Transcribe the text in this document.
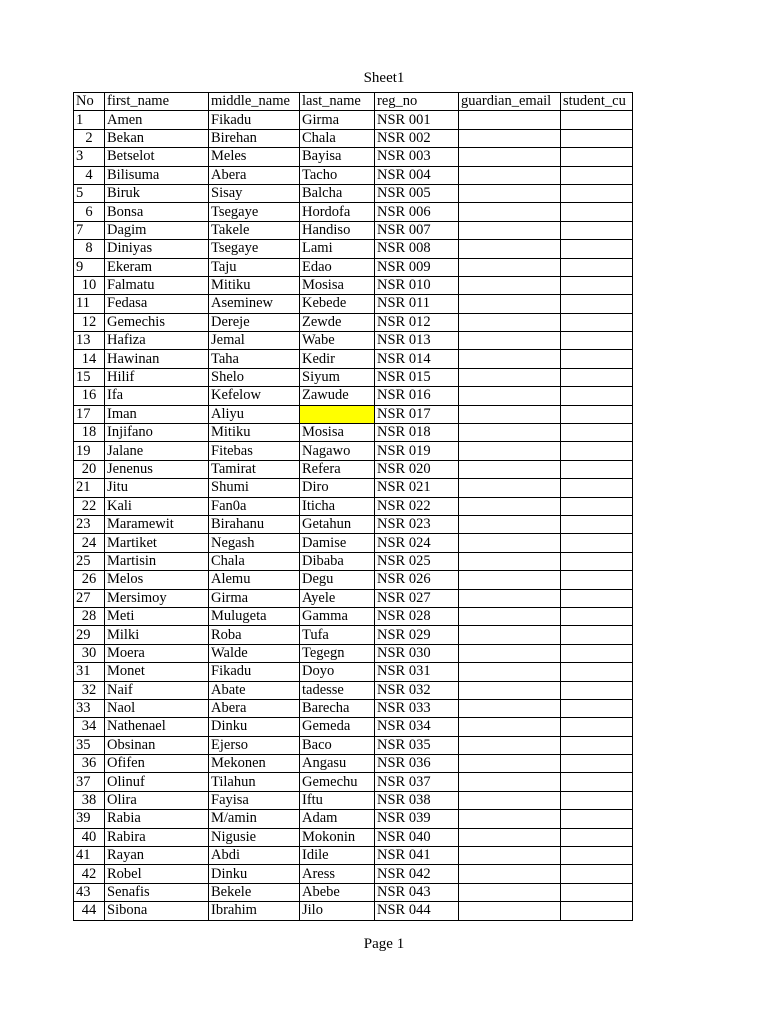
Sheet1
No	first_name	middle_name	last_name	reg_no	guardian_email	student_cu
1	Amen	Fikadu	Girma	NSR 001		
2	Bekan	Birehan	Chala	NSR 002		
3	Betselot	Meles	Bayisa	NSR 003		
4	Bilisuma	Abera	Tacho	NSR 004		
5	Biruk	Sisay	Balcha	NSR 005		
6	Bonsa	Tsegaye	Hordofa	NSR 006		
7	Dagim	Takele	Handiso	NSR 007		
8	Diniyas	Tsegaye	Lami	NSR 008		
9	Ekeram	Taju	Edao	NSR 009		
10	Falmatu	Mitiku	Mosisa	NSR 010		
11	Fedasa	Aseminew	Kebede	NSR 011		
12	Gemechis	Dereje	Zewde	NSR 012		
13	Hafiza	Jemal	Wabe	NSR 013		
14	Hawinan	Taha	Kedir	NSR 014		
15	Hilif	Shelo	Siyum	NSR 015		
16	Ifa	Kefelow	Zawude	NSR 016		
17	Iman	Aliyu		NSR 017		
18	Injifano	Mitiku	Mosisa	NSR 018		
19	Jalane	Fitebas	Nagawo	NSR 019		
20	Jenenus	Tamirat	Refera	NSR 020		
21	Jitu	Shumi	Diro	NSR 021		
22	Kali	Fan0a	Iticha	NSR 022		
23	Maramewit	Birahanu	Getahun	NSR 023		
24	Martiket	Negash	Damise	NSR 024		
25	Martisin	Chala	Dibaba	NSR 025		
26	Melos	Alemu	Degu	NSR 026		
27	Mersimoy	Girma	Ayele	NSR 027		
28	Meti	Mulugeta	Gamma	NSR 028		
29	Milki	Roba	Tufa	NSR 029		
30	Moera	Walde	Tegegn	NSR 030		
31	Monet	Fikadu	Doyo	NSR 031		
32	Naif	Abate	tadesse	NSR 032		
33	Naol	Abera	Barecha	NSR 033		
34	Nathenael	Dinku	Gemeda	NSR 034		
35	Obsinan	Ejerso	Baco	NSR 035		
36	Ofifen	Mekonen	Angasu	NSR 036		
37	Olinuf	Tilahun	Gemechu	NSR 037		
38	Olira	Fayisa	Iftu	NSR 038		
39	Rabia	M/amin	Adam	NSR 039		
40	Rabira	Nigusie	Mokonin	NSR 040		
41	Rayan	Abdi	Idile	NSR 041		
42	Robel	Dinku	Aress	NSR 042		
43	Senafis	Bekele	Abebe	NSR 043		
44	Sibona	Ibrahim	Jilo	NSR 044		
Page 1
